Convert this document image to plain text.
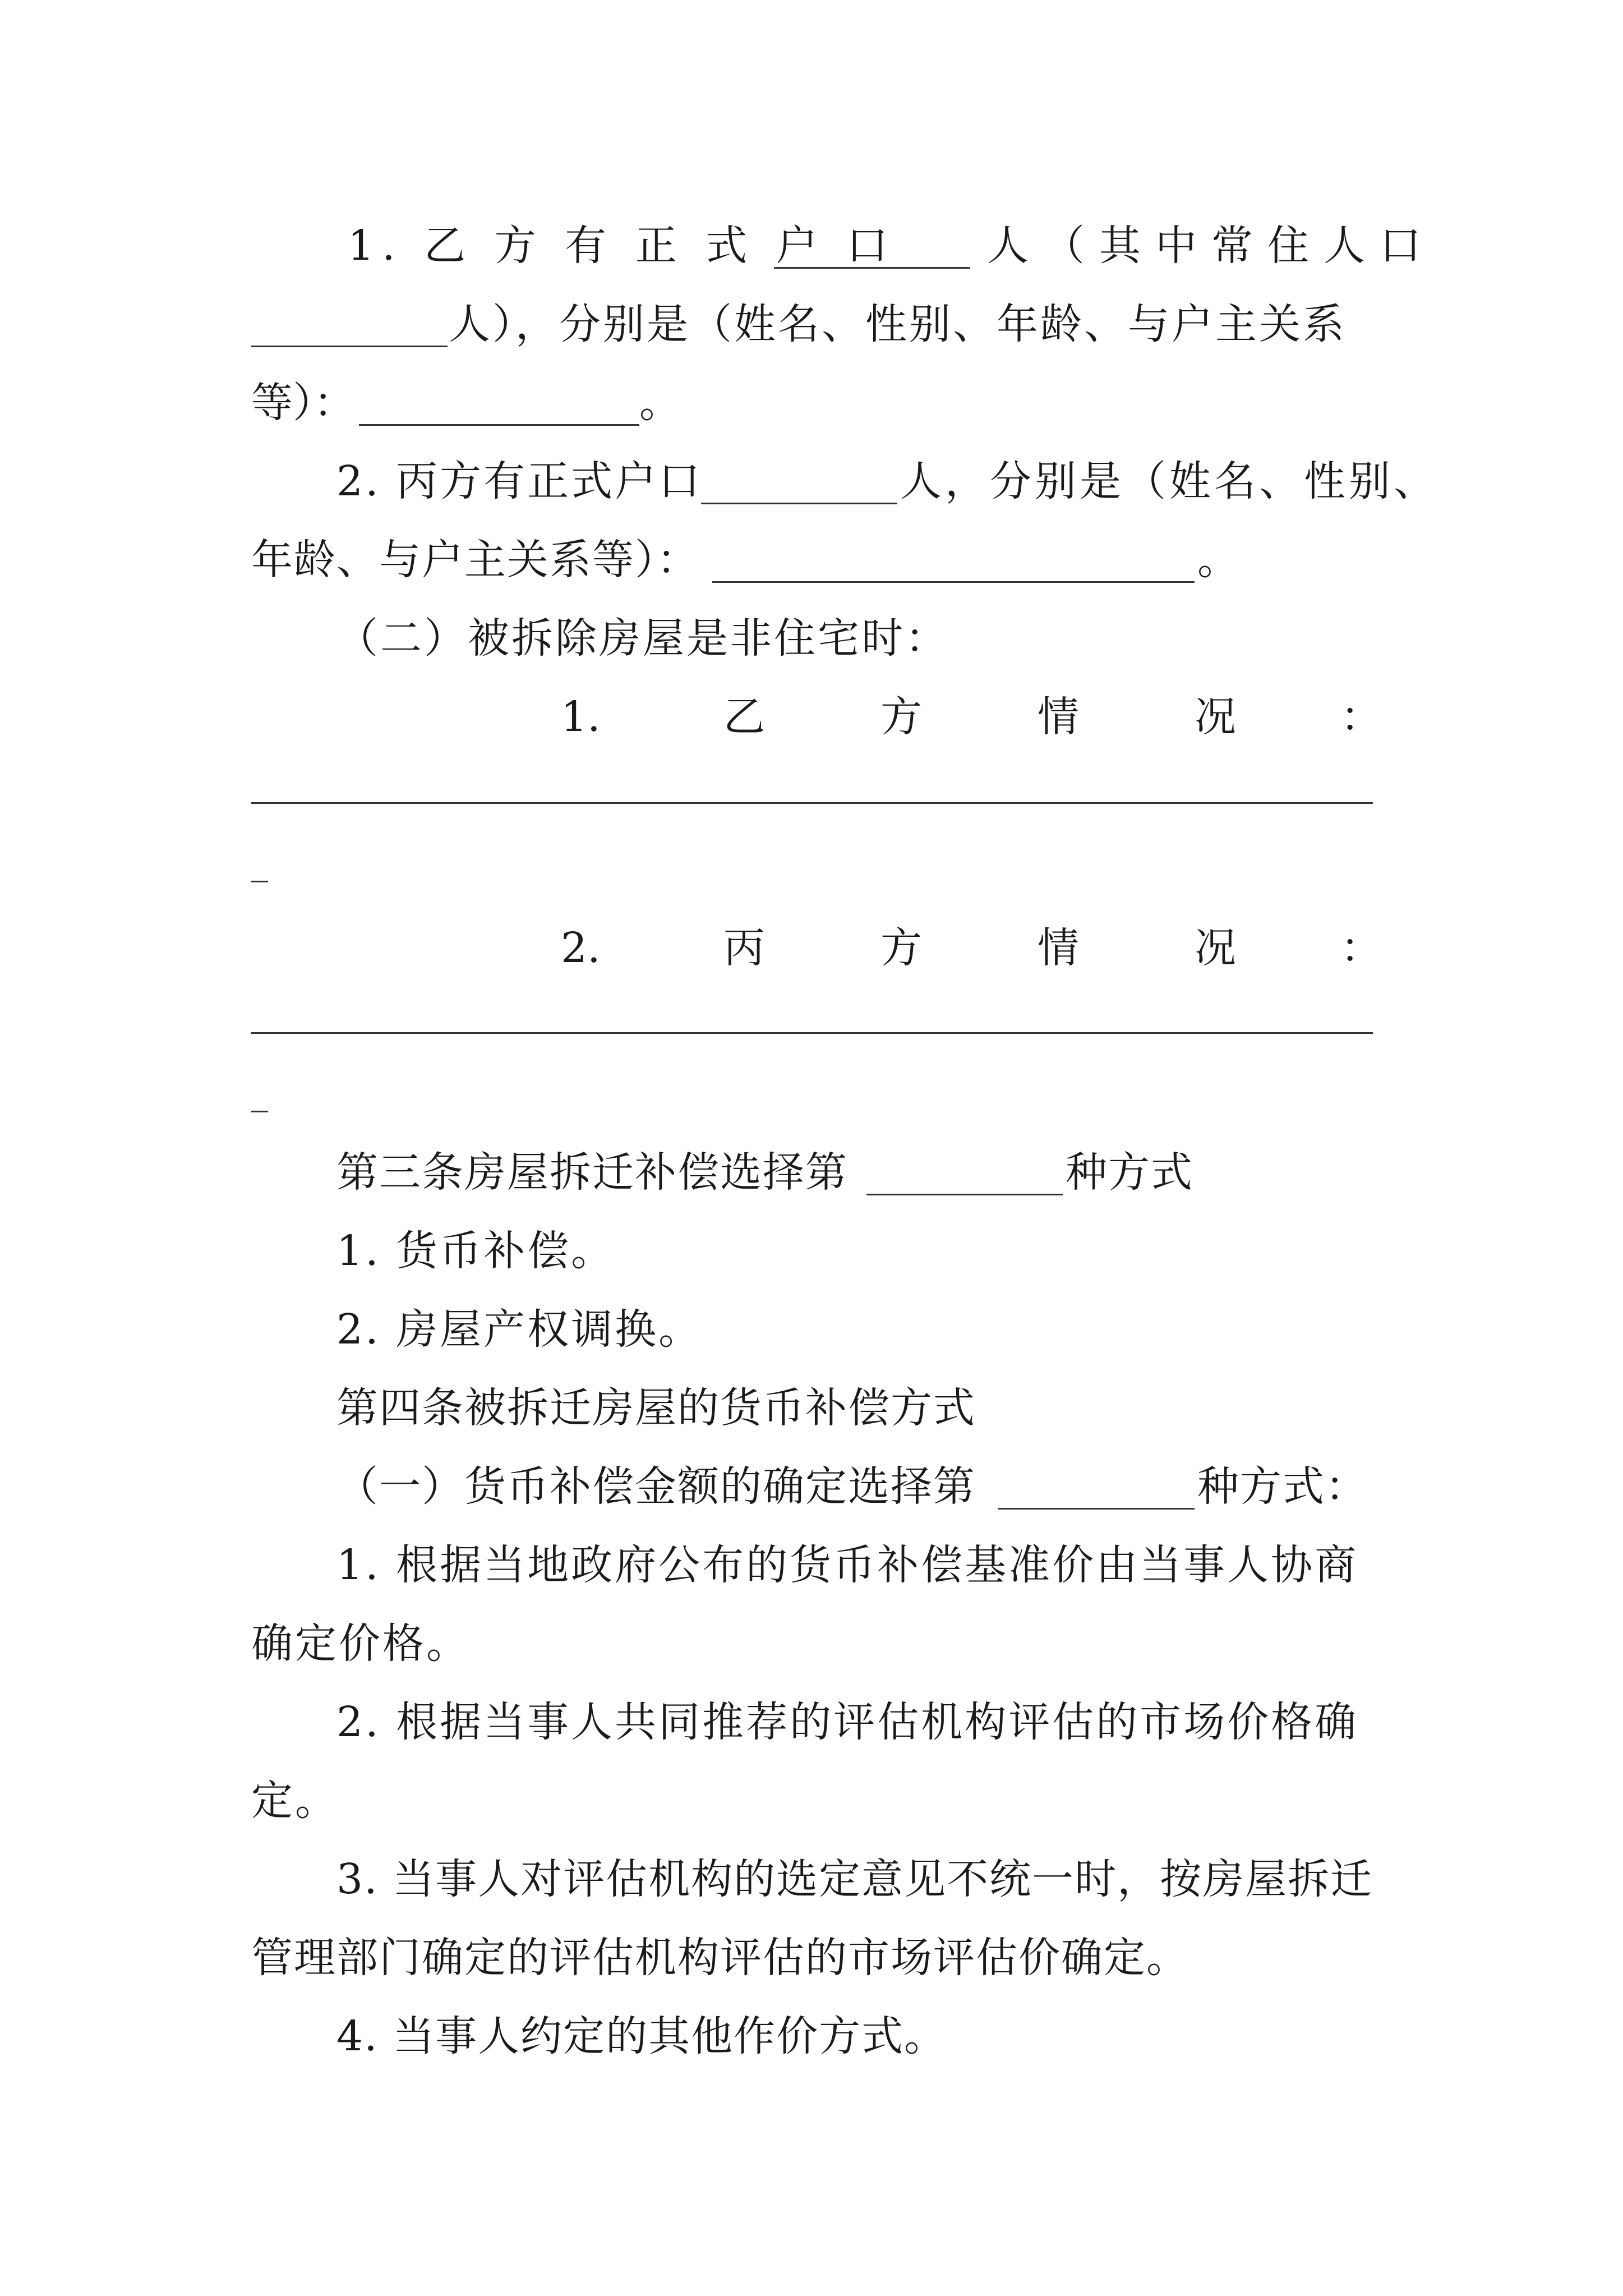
1. 乙 方 有 正 式 户 口 人（其中常住人口
人），分别是（姓名、性别、年龄、与户主关系
等）：	。
2. 丙方有正式户口	人，分别是（姓名、性别、
年龄、与户主关系等）：	。
（二）被拆除房屋是非住宅时：
1.	乙	方	情	况	：
2.	丙	方	情	况	：
第三条房屋拆迁补偿选择第	种方式
1. 货币补偿。
2. 房屋产权调换。
第四条被拆迁房屋的货币补偿方式
（一）货币补偿金额的确定选择第	种方式：
1. 根据当地政府公布的货币补偿基准价由当事人协商
确定价格。
2. 根据当事人共同推荐的评估机构评估的市场价格确
定。
3. 当事人对评估机构的选定意见不统一时，按房屋拆迁
管理部门确定的评估机构评估的市场评估价确定。
4. 当事人约定的其他作价方式。
